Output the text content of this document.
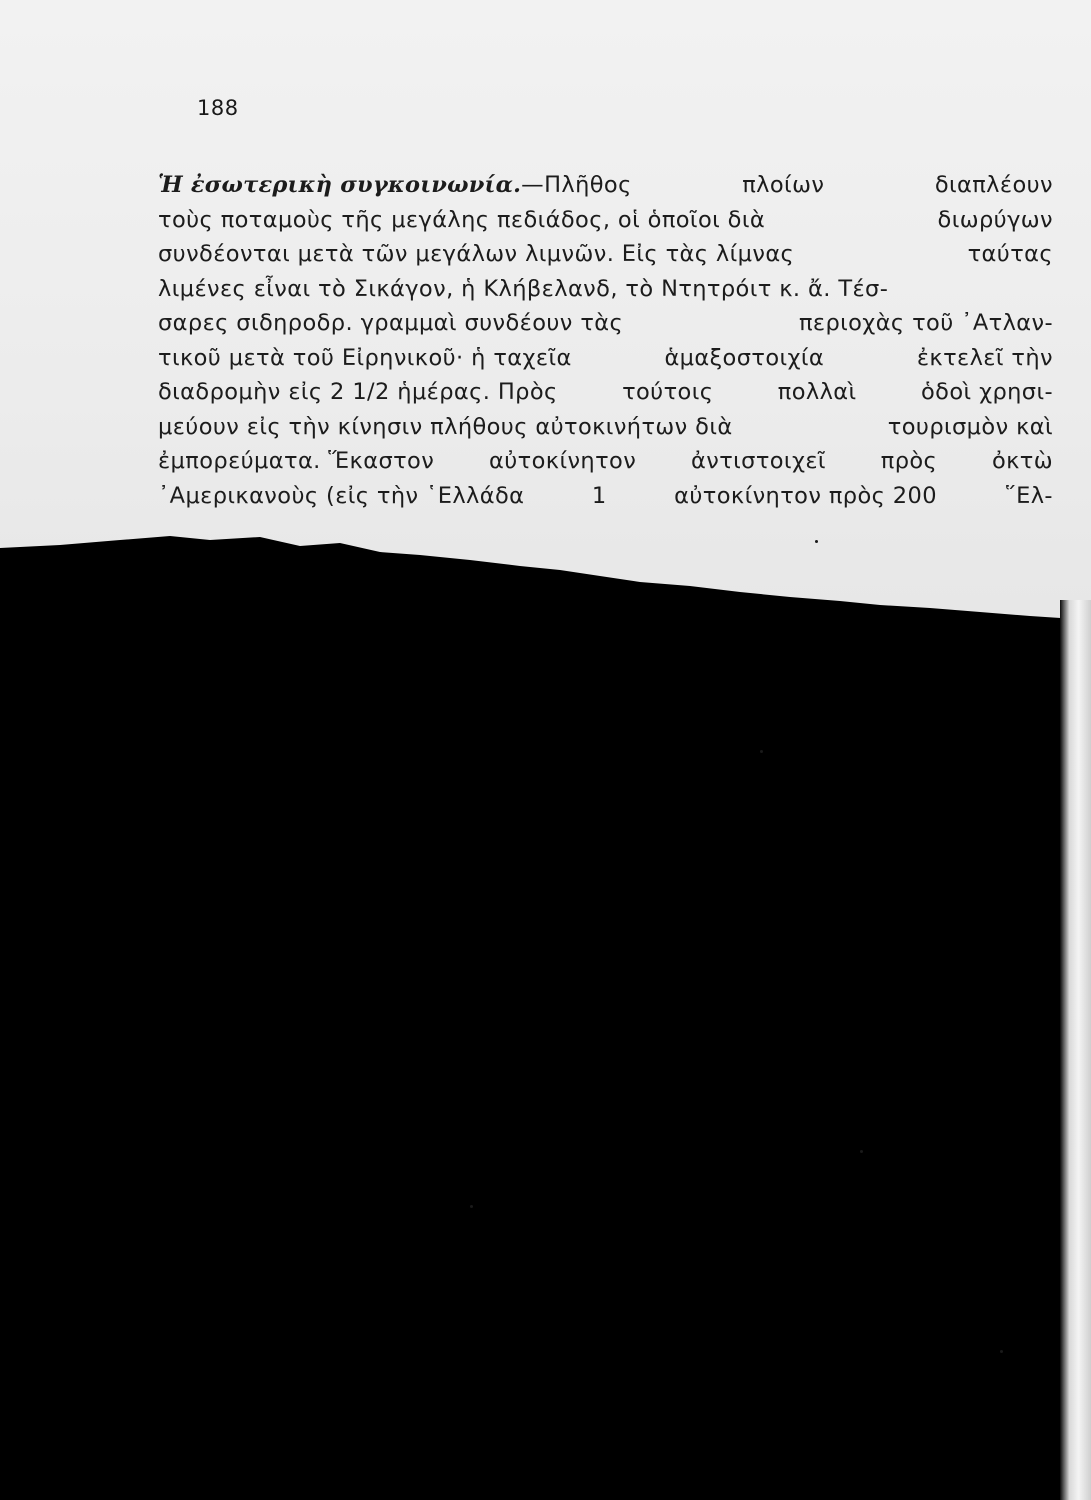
188
Ἡ ἐσωτερικὴ συγκοινωνία.—Πλῆθος	πλοίων	διαπλέουν
τοὺς ποταμοὺς τῆς μεγάλης πεδιάδος, οἱ ὁποῖοι διὰ	διωρύγων
συνδέονται μετὰ τῶν μεγάλων λιμνῶν. Εἰς τὰς λίμνας	ταύτας
λιμένες εἶναι τὸ Σικάγον, ἡ Κλήβελανδ, τὸ Ντητρόιτ κ. ἄ. Τέσ-
σαρες σιδηροδρ. γραμμαὶ συνδέουν τὰς	περιοχὰς τοῦ ᾿Ατλαν-
τικοῦ μετὰ τοῦ Εἰρηνικοῦ· ἡ ταχεῖα	ἁμαξοστοιχία	ἐκτελεῖ τὴν
διαδρομὴν εἰς 2 1/2 ἡμέρας. Πρὸς	τούτοις	πολλαὶ	ὁδοὶ χρησι-
μεύουν εἰς τὴν κίνησιν πλήθους αὐτοκινήτων διὰ	τουρισμὸν καὶ
ἐμπορεύματα. Ἕκαστον αὐτοκίνητον ἀντιστοιχεῖ πρὸς ὀκτὼ
᾿Αμερικανοὺς (εἰς τὴν ῾Ελλάδα	1	αὐτοκίνητον πρὸς 200	῞Ελ-
